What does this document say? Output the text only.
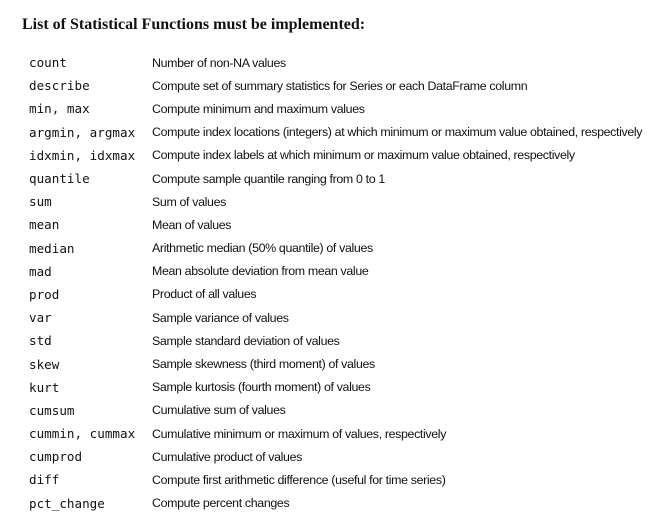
List of Statistical Functions must be implemented:
count	Number of non-NA values
describe	Compute set of summary statistics for Series or each DataFrame column
min, max	Compute minimum and maximum values
argmin, argmax	Compute index locations (integers) at which minimum or maximum value obtained, respectively
idxmin, idxmax	Compute index labels at which minimum or maximum value obtained, respectively
quantile	Compute sample quantile ranging from 0 to 1
sum	Sum of values
mean	Mean of values
median	Arithmetic median (50% quantile) of values
mad	Mean absolute deviation from mean value
prod	Product of all values
var	Sample variance of values
std	Sample standard deviation of values
skew	Sample skewness (third moment) of values
kurt	Sample kurtosis (fourth moment) of values
cumsum	Cumulative sum of values
cummin, cummax	Cumulative minimum or maximum of values, respectively
cumprod	Cumulative product of values
diff	Compute first arithmetic difference (useful for time series)
pct_change	Compute percent changes
